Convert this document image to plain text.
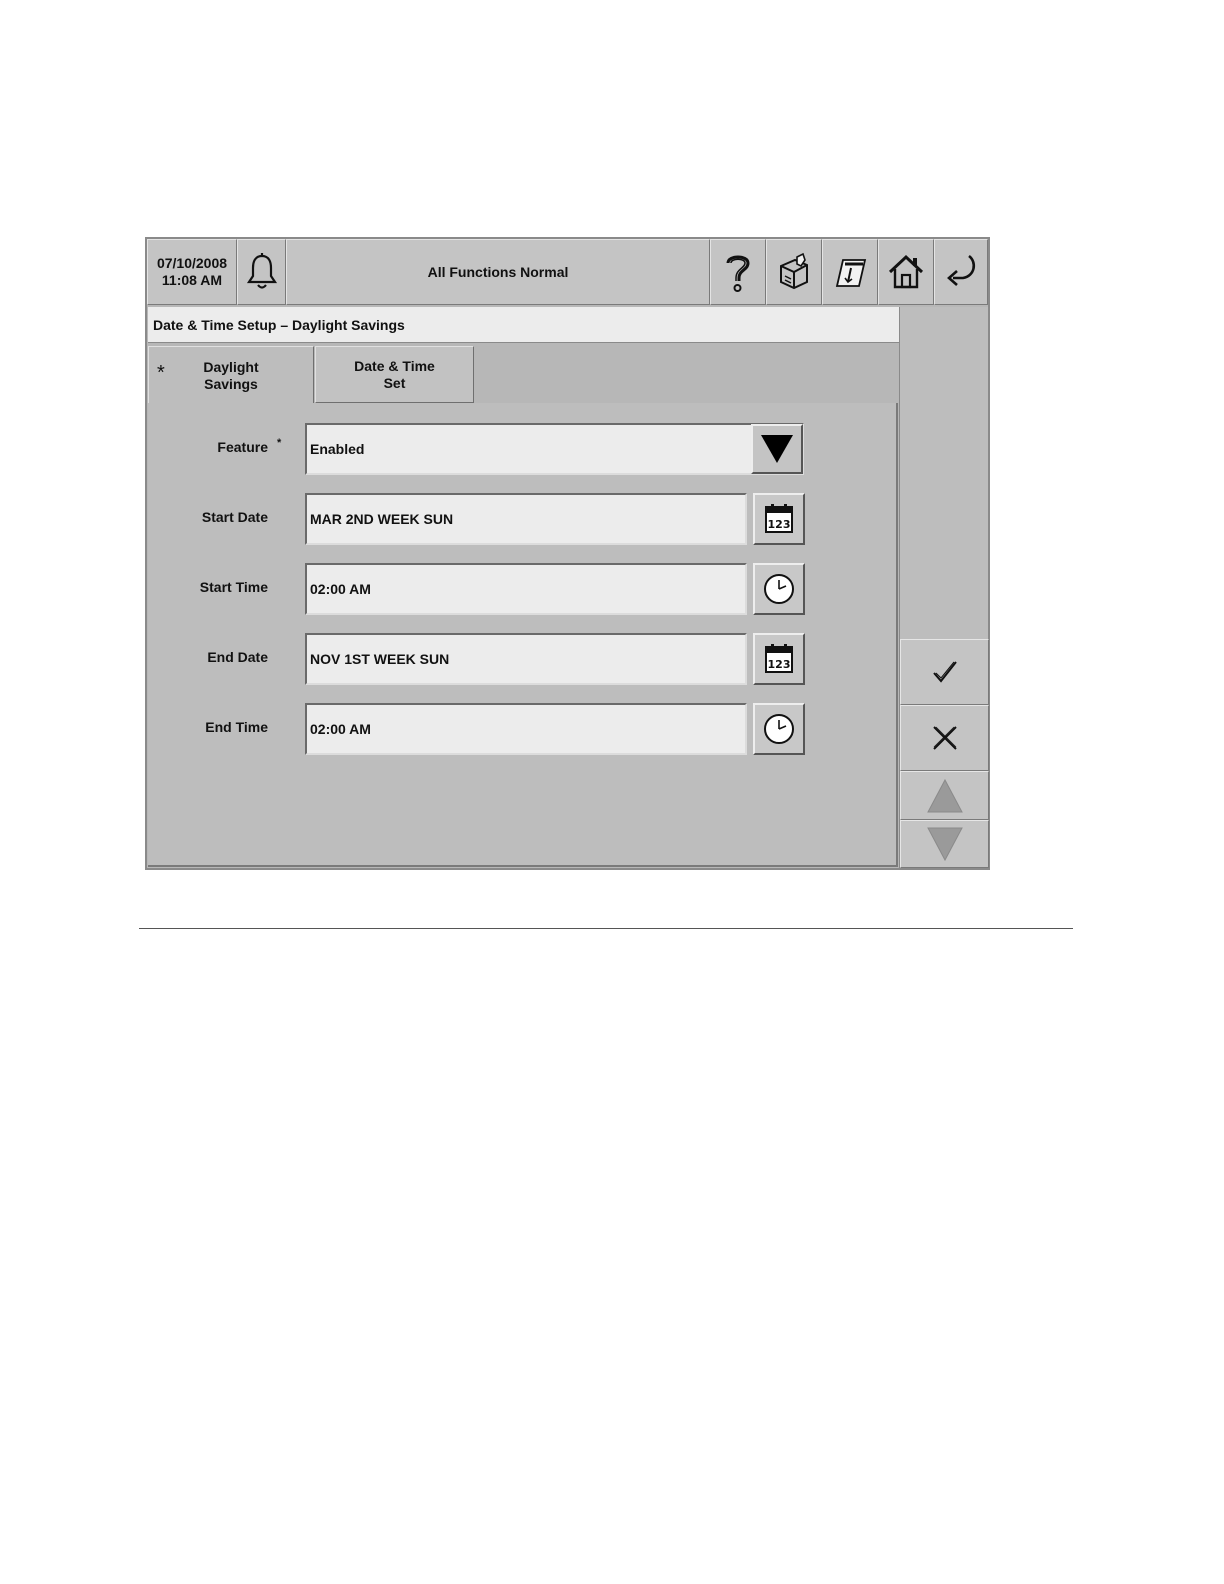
07/10/2008
11:08 AM	All Functions Normal
Date & Time Setup – Daylight Savings
*	Daylight
Savings
Date & Time
Set
Feature * Enabled
Start Date	MAR 2ND WEEK SUN	123
Start Time	02:00 AM
End Date	NOV 1ST WEEK SUN	123
End Time	02:00 AM
